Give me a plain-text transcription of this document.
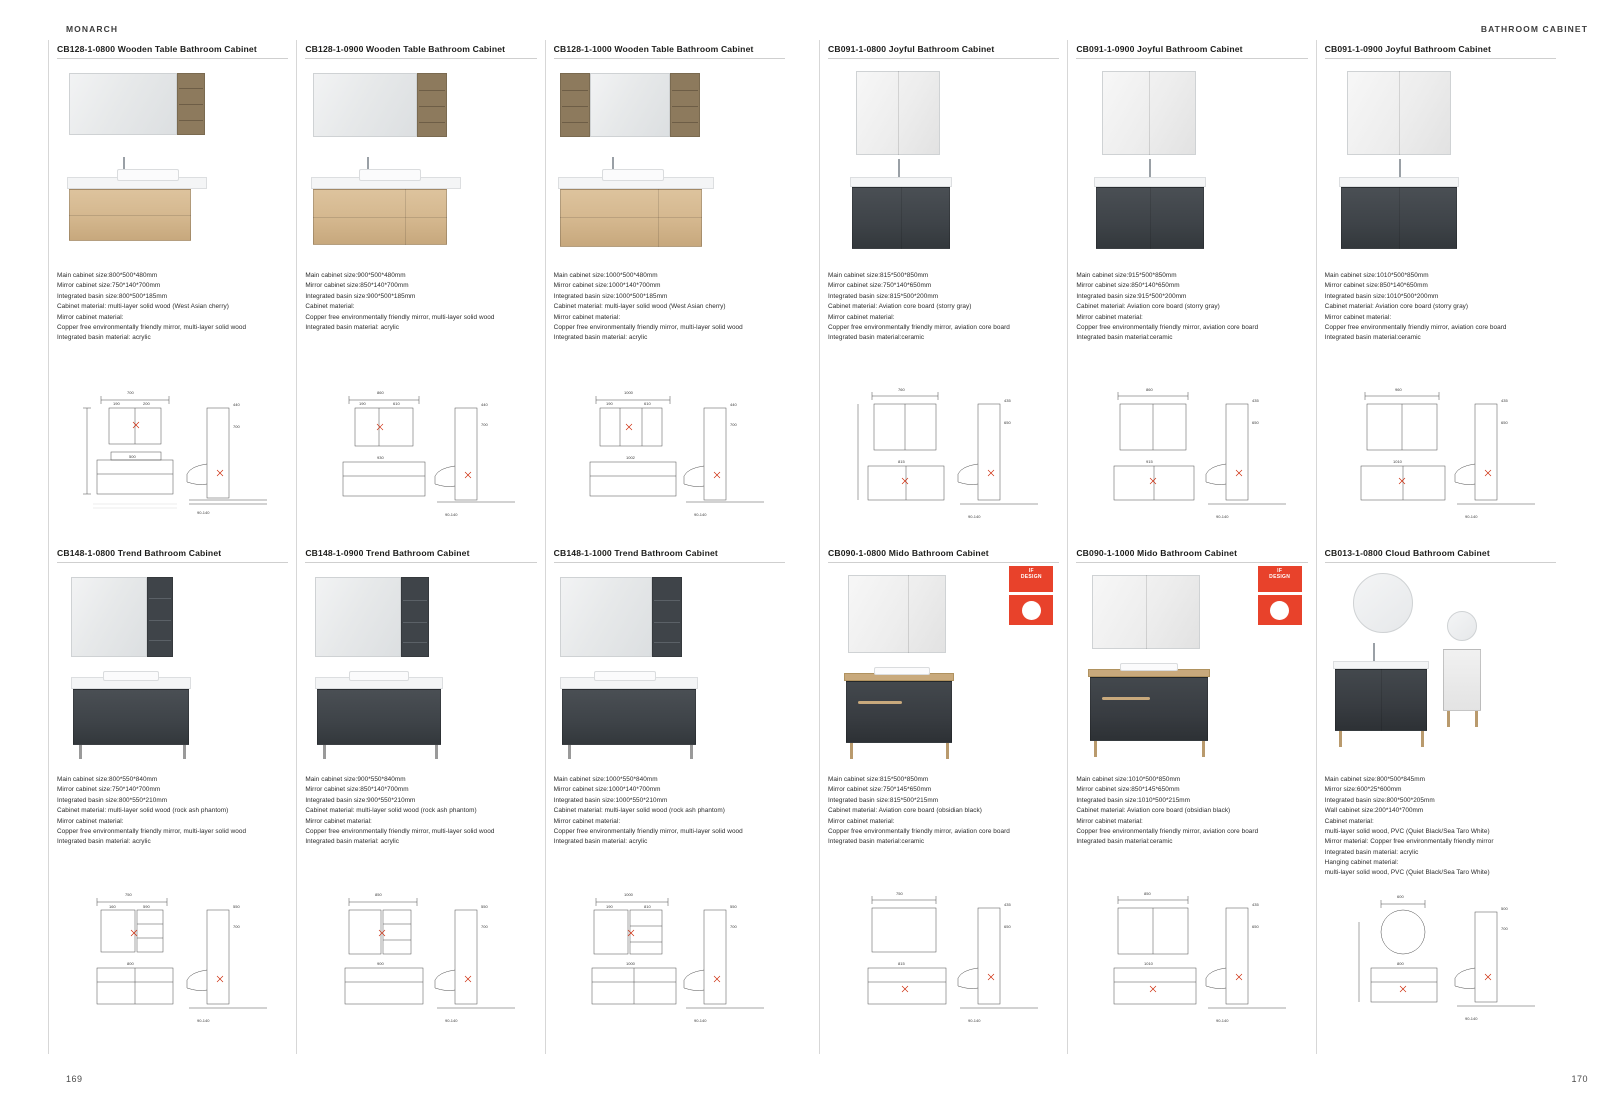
MONARCH
169
CB128-1-0800 Wooden Table Bathroom Cabinet
Main cabinet size:800*500*480mm
Mirror cabinet size:750*140*700mm
Integrated basin size:800*500*185mm
Cabinet material: multi-layer solid wood (West Asian cherry)
Mirror cabinet material:
Copper free environmentally friendly mirror, multi-layer solid wood
Integrated basin material: acrylic
700
190	200
500
440
700
90-140
CB148-1-0800 Trend Bathroom Cabinet
Main cabinet size:800*550*840mm
Mirror cabinet size:750*140*700mm
Integrated basin size:800*550*210mm
Cabinet material: multi-layer solid wood (rock ash phantom)
Mirror cabinet material:
Copper free environmentally friendly mirror, multi-layer solid wood
Integrated basin material: acrylic
750
160	590
800
550
700
90-140
CB128-1-0900 Wooden Table Bathroom Cabinet
Main cabinet size:900*500*480mm
Mirror cabinet size:850*140*700mm
Integrated basin size:900*500*185mm
Cabinet material:
Copper free environmentally friendly mirror, multi-layer solid wood
Integrated basin material: acrylic
860
190	610
930
440
700
90-140
CB148-1-0900 Trend Bathroom Cabinet
Main cabinet size:900*550*840mm
Mirror cabinet size:850*140*700mm
Integrated basin size:900*550*210mm
Cabinet material: multi-layer solid wood (rock ash phantom)
Mirror cabinet material:
Copper free environmentally friendly mirror, multi-layer solid wood
Integrated basin material: acrylic
850
900
550
700
90-140
CB128-1-1000 Wooden Table Bathroom Cabinet
Main cabinet size:1000*500*480mm
Mirror cabinet size:1000*140*700mm
Integrated basin size:1000*500*185mm
Cabinet material: multi-layer solid wood (West Asian cherry)
Mirror cabinet material:
Copper free environmentally friendly mirror, multi-layer solid wood
Integrated basin material: acrylic
1000
190	610
1002
440
700
90-140
CB148-1-1000 Trend Bathroom Cabinet
Main cabinet size:1000*550*840mm
Mirror cabinet size:1000*140*700mm
Integrated basin size:1000*550*210mm
Cabinet material: multi-layer solid wood (rock ash phantom)
Mirror cabinet material:
Copper free environmentally friendly mirror, multi-layer solid wood
Integrated basin material: acrylic
1000
190	810
1000
550
700
90-140
BATHROOM CABINET
170
CB091-1-0800 Joyful Bathroom Cabinet
Main cabinet size:815*500*850mm
Mirror cabinet size:750*140*650mm
Integrated basin size:815*500*200mm
Cabinet material: Aviation core board (storry gray)
Mirror cabinet material:
Copper free environmentally friendly mirror, aviation core board
Integrated basin material:ceramic
760
815
435
650
90-140
CB090-1-0800 Mido Bathroom Cabinet
IF
DESIGN
Main cabinet size:815*500*850mm
Mirror cabinet size:750*145*650mm
Integrated basin size:815*500*215mm
Cabinet material: Aviation core board (obsidian black)
Mirror cabinet material:
Copper free environmentally friendly mirror, aviation core board
Integrated basin material:ceramic
750
815
435
650
90-140
CB091-1-0900 Joyful Bathroom Cabinet
Main cabinet size:915*500*850mm
Mirror cabinet size:850*140*650mm
Integrated basin size:915*500*200mm
Cabinet material: Aviation core board (storry gray)
Mirror cabinet material:
Copper free environmentally friendly mirror, aviation core board
Integrated basin material:ceramic
860
915
435
650
90-140
CB090-1-1000 Mido Bathroom Cabinet
IF
DESIGN
Main cabinet size:1010*500*850mm
Mirror cabinet size:850*145*650mm
Integrated basin size:1010*500*215mm
Cabinet material: Aviation core board (obsidian black)
Mirror cabinet material:
Copper free environmentally friendly mirror, aviation core board
Integrated basin material:ceramic
850
1010
435
650
90-140
CB091-1-0900 Joyful Bathroom Cabinet
Main cabinet size:1010*500*850mm
Mirror cabinet size:850*140*650mm
Integrated basin size:1010*500*200mm
Cabinet material: Aviation core board (storry gray)
Mirror cabinet material:
Copper free environmentally friendly mirror, aviation core board
Integrated basin material:ceramic
960
1010
435
650
90-140
CB013-1-0800 Cloud Bathroom Cabinet
Main cabinet size:800*500*845mm
Mirror size:600*25*600mm
Integrated basin size:800*500*205mm
Wall cabinet size:200*140*700mm
Cabinet material:
multi-layer solid wood, PVC (Quiet Black/Sea Taro White)
Mirror material: Copper free environmentally friendly mirror
Integrated basin material: acrylic
Hanging cabinet material:
multi-layer solid wood, PVC (Quiet Black/Sea Taro White)
600
800
500
700
90-140
